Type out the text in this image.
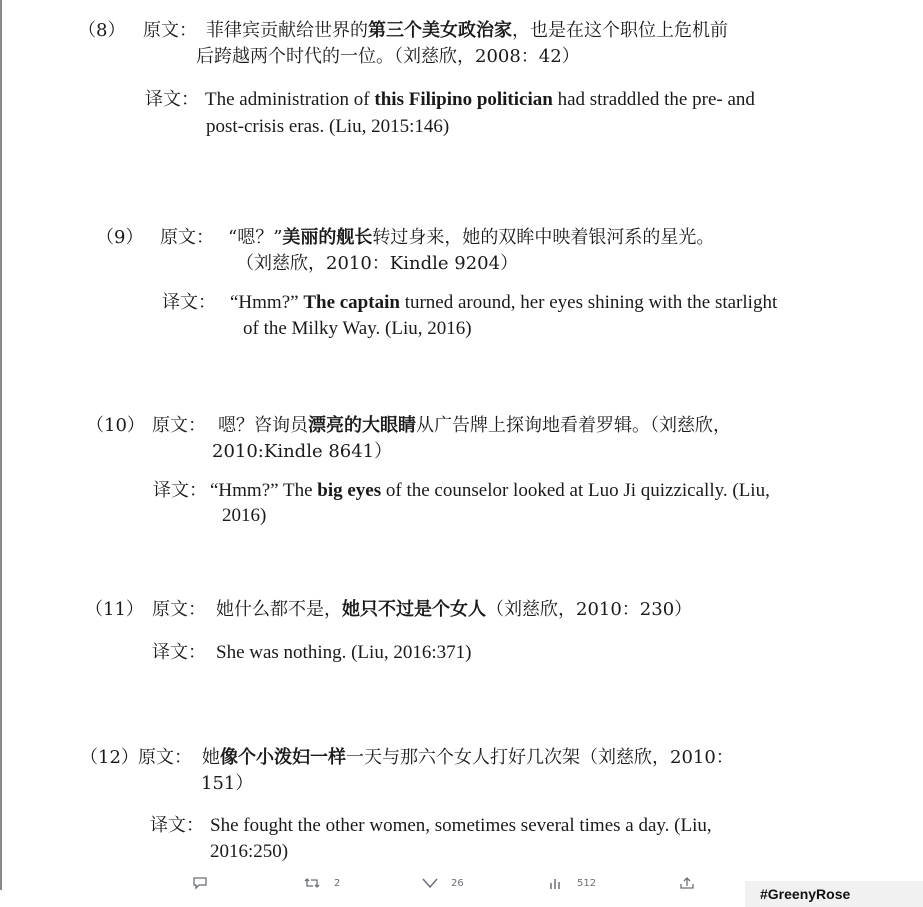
（8） 原文： 菲律宾贡献给世界的第三个美女政治家，也是在这个职位上危机前
后跨越两个时代的一位。（刘慈欣，2008：42）
译文： The administration of this Filipino politician had straddled the pre- and
post-crisis eras. (Liu, 2015:146)
（9） 原文： “嗯？”美丽的舰长转过身来，她的双眸中映着银河系的星光。
（刘慈欣，2010：Kindle 9204）
译文： “Hmm?” The captain turned around, her eyes shining with the starlight
of the Milky Way. (Liu, 2016)
（10） 原文： 嗯？咨询员漂亮的大眼睛从广告牌上探询地看着罗辑。（刘慈欣，
2010:Kindle 8641）
译文： “Hmm?” The big eyes of the counselor looked at Luo Ji quizzically. (Liu,
2016)
（11） 原文： 她什么都不是，她只不过是个女人（刘慈欣，2010：230）
译文： She was nothing. (Liu, 2016:371)
（12） 原文： 她像个小泼妇一样一天与那六个女人打好几次架（刘慈欣，2010：
151）
译文： She fought the other women, sometimes several times a day. (Liu,
2016:250)
2	26	512
#GreenyRose
